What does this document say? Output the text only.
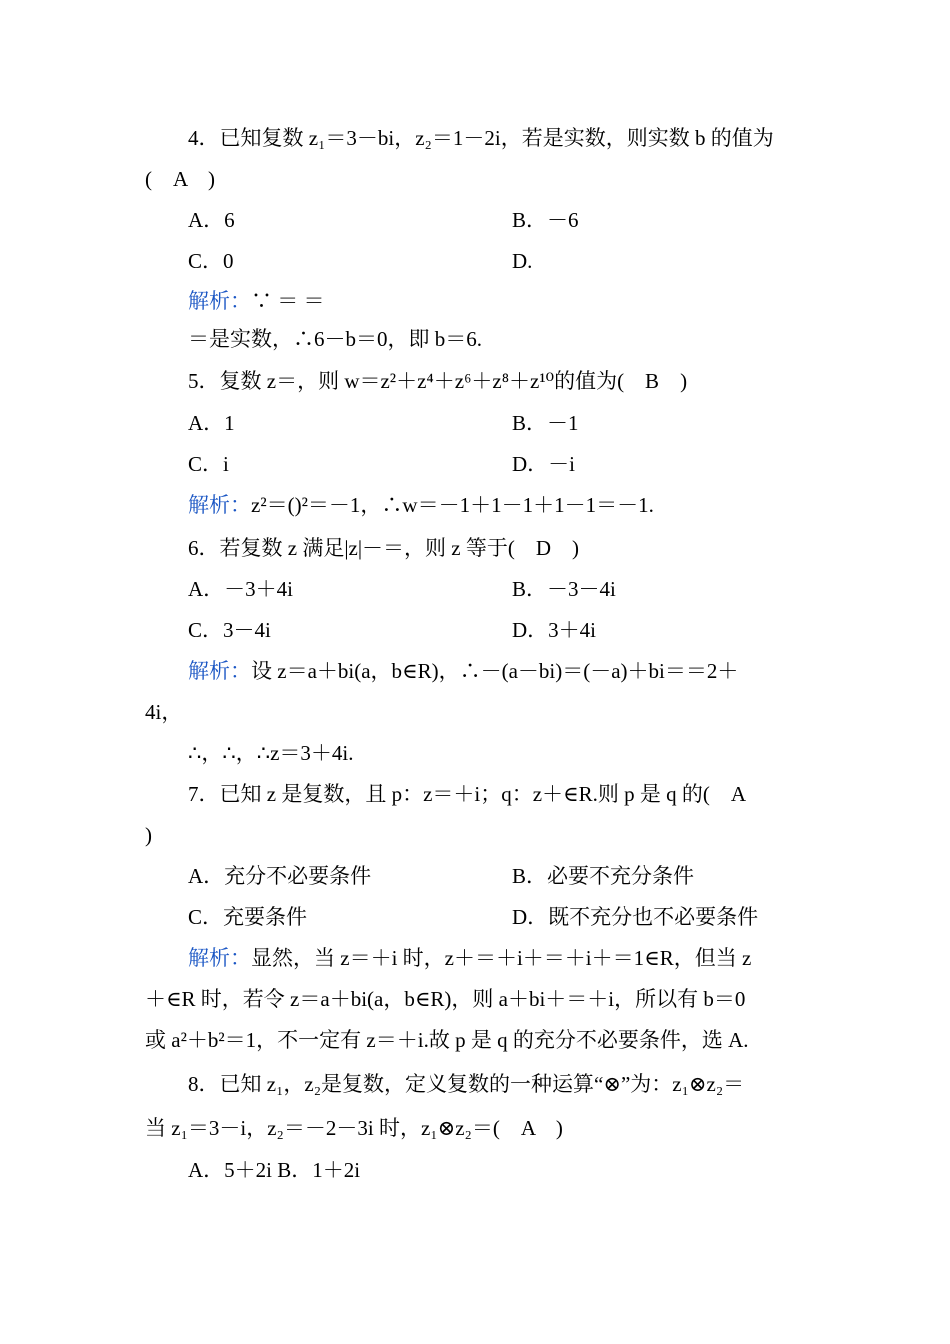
4．已知复数 z₁＝3－bi，z₂＝1－2i，若是实数，则实数 b 的值为
(　A　)
A．6	B．－6
C．0	D.
解析：∵ ＝ ＝
＝是实数，∴6－b＝0，即 b＝6.
5．复数 z＝，则 w＝z²＋z⁴＋z⁶＋z⁸＋z¹⁰的值为(　B　)
A．1	B．－1
C．i	D．－i
解析：z²＝()²＝－1，∴w＝－1＋1－1＋1－1＝－1.
6．若复数 z 满足|z|－＝，则 z 等于(　D　)
A．－3＋4i	B．－3－4i
C．3－4i	D．3＋4i
解析：设 z＝a＋bi(a，b∈R)，∴－(a－bi)＝(－a)＋bi＝＝2＋
4i，
∴，∴，∴z＝3＋4i.
7．已知 z 是复数，且 p：z＝＋i；q：z＋∈R.则 p 是 q 的(　A
)
A．充分不必要条件	B．必要不充分条件
C．充要条件	D．既不充分也不必要条件
解析：显然，当 z＝＋i 时，z＋＝＋i＋＝＋i＋＝1∈R，但当 z
＋∈R 时，若令 z＝a＋bi(a，b∈R)，则 a＋bi＋＝＋i，所以有 b＝0
或 a²＋b²＝1，不一定有 z＝＋i.故 p 是 q 的充分不必要条件，选 A.
8．已知 z₁，z₂是复数，定义复数的一种运算“⊗”为：z₁⊗z₂＝
当 z₁＝3－i，z₂＝－2－3i 时，z₁⊗z₂＝(　A　)
A．5＋2i B．1＋2i
